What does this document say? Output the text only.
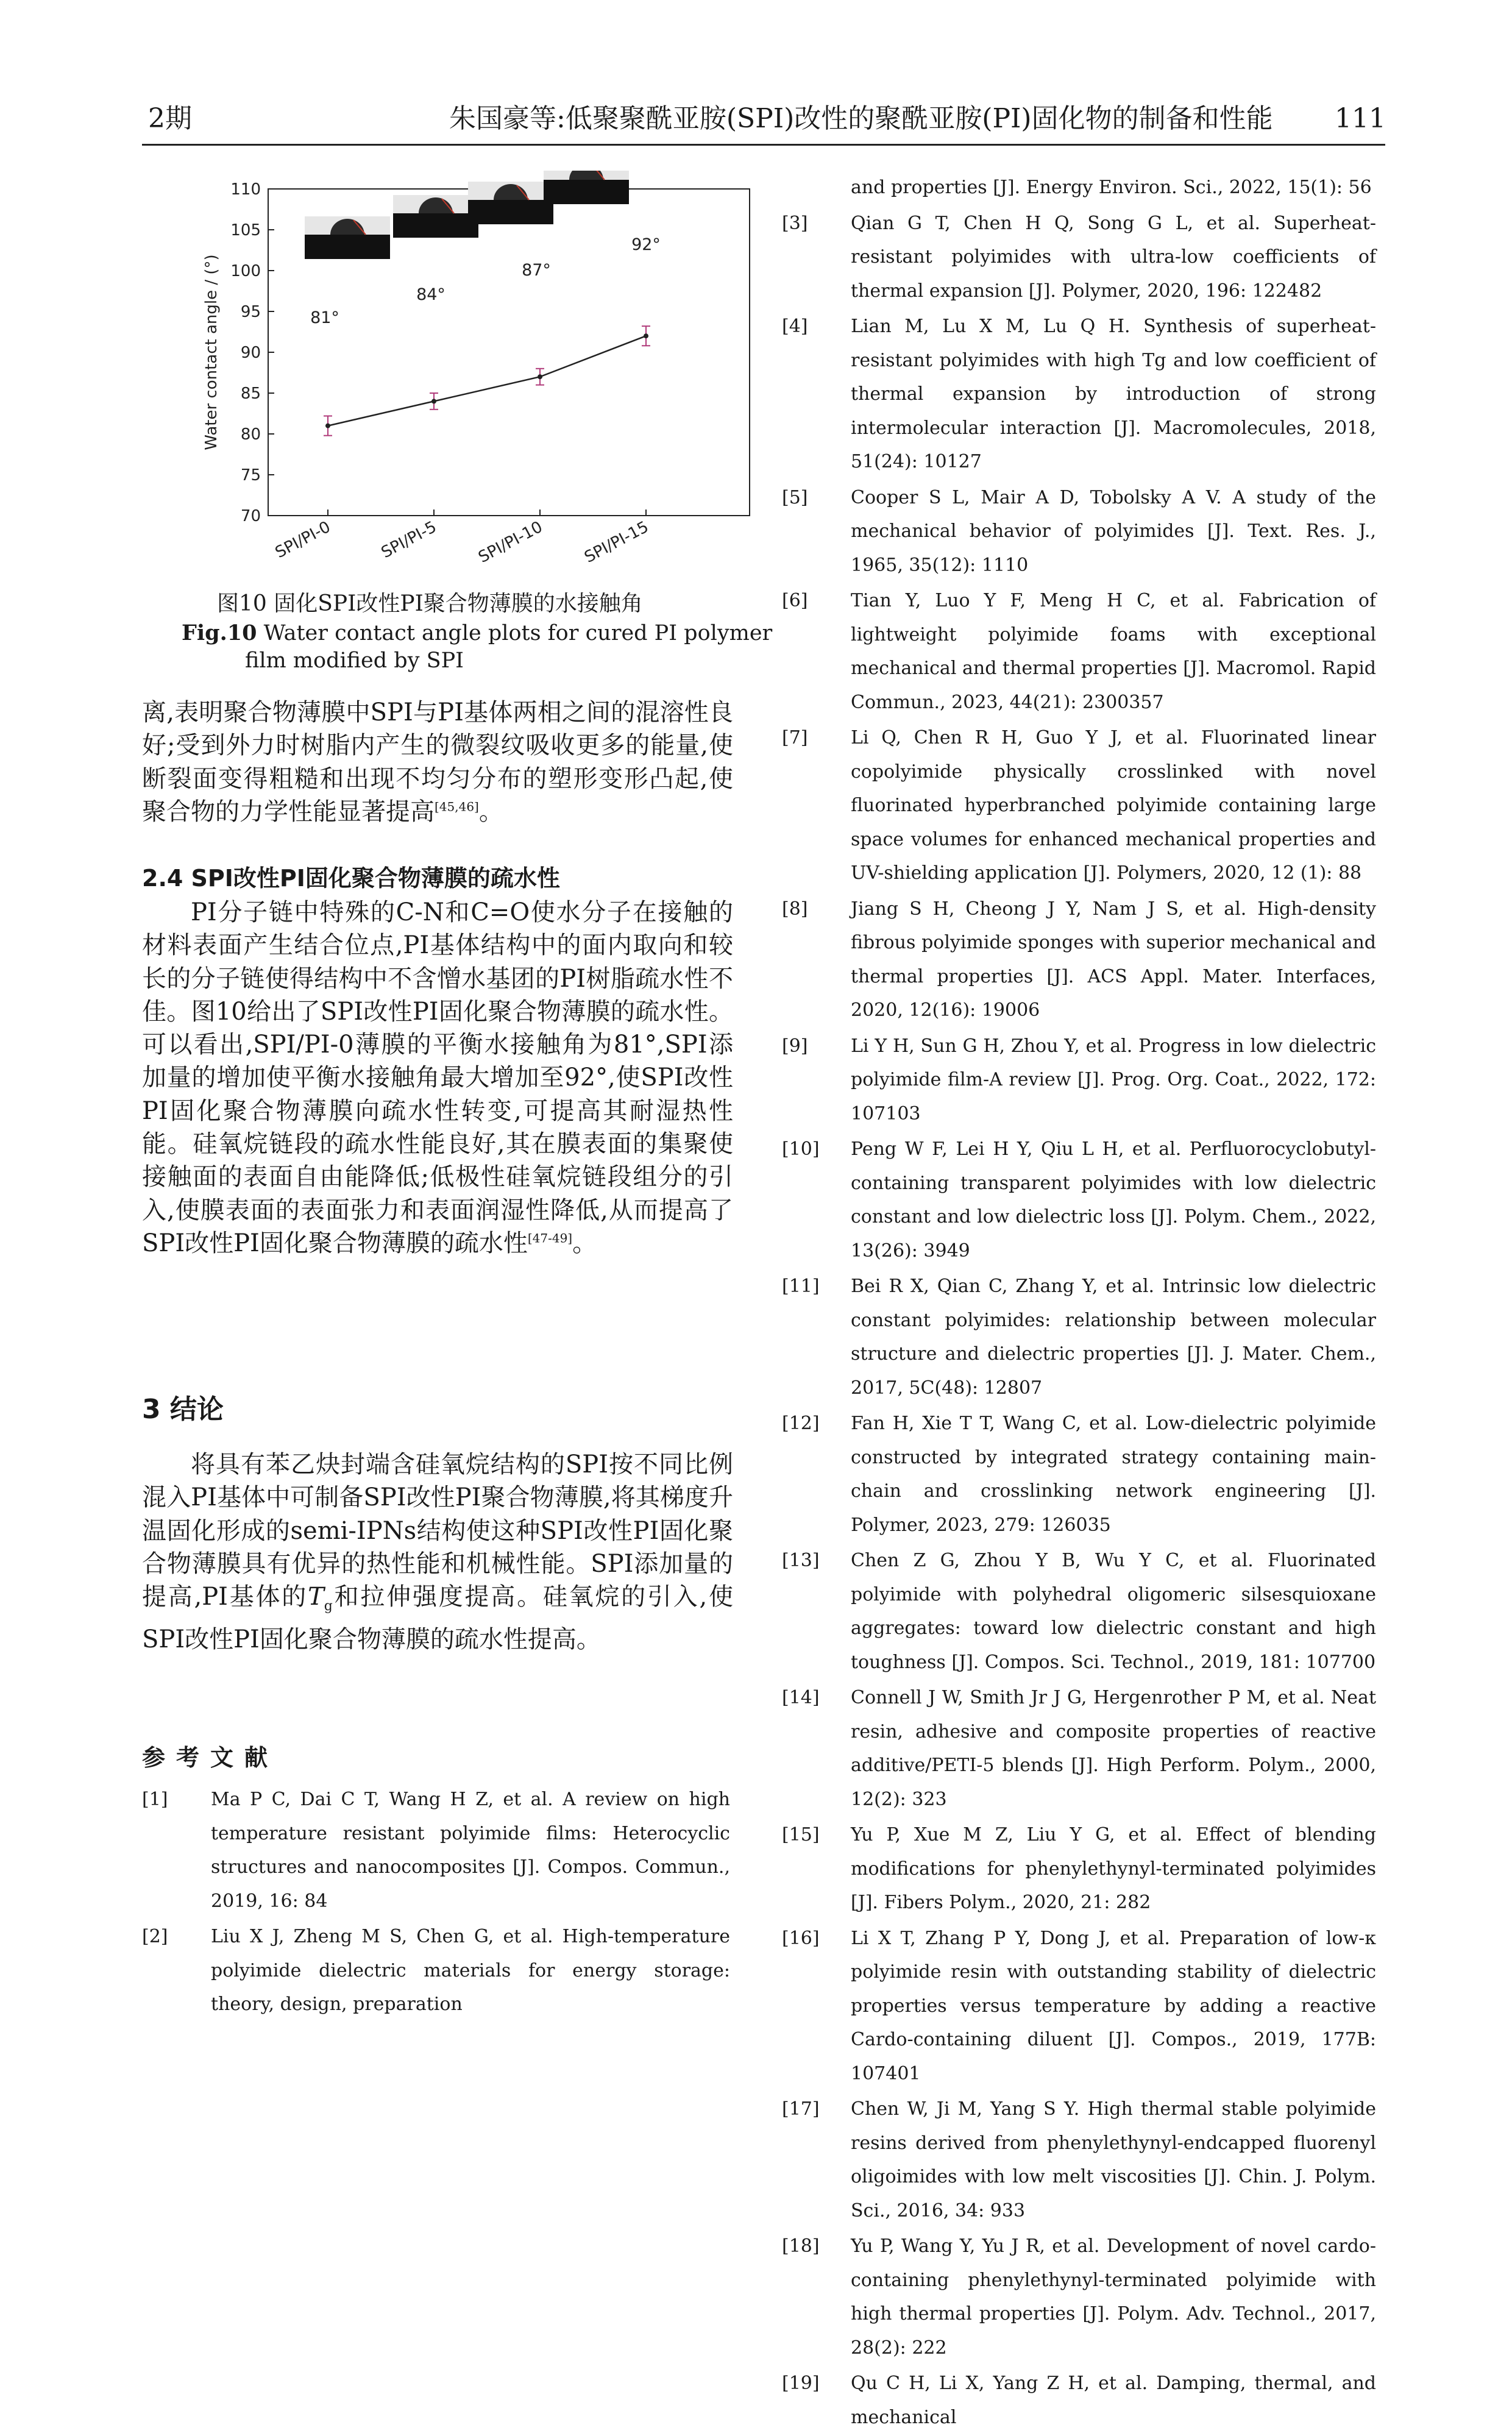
2期	朱国豪等:低聚聚酰亚胺(SPI)改性的聚酰亚胺(PI)固化物的制备和性能 111
Water contact angle / (°)
70
75
80
85
90
95
100
105
110
SPI/PI-0	SPI/PI-5 SPI/PI-10 SPI/PI-15
81°
84°
87°
92°
图10 固化SPI改性PI聚合物薄膜的水接触角
Fig.10 Water contact angle plots for cured PI polymer
film modified by SPI

离,表明聚合物薄膜中SPI与PI基体两相之间的混溶性良好;受到外力时树脂内产生的微裂纹吸收更多的能量,使断裂面变得粗糙和出现不均匀分布的塑形变形凸起,使聚合物的力学性能显著提高[45,46]。

2.4 SPI改性PI固化聚合物薄膜的疏水性

PI分子链中特殊的C-N和C=O使水分子在接触的材料表面产生结合位点,PI基体结构中的面内取向和较长的分子链使得结构中不含憎水基团的PI树脂疏水性不佳。图10给出了SPI改性PI固化聚合物薄膜的疏水性。可以看出,SPI/PI-0薄膜的平衡水接触角为81°,SPI添加量的增加使平衡水接触角最大增加至92°,使SPI改性PI固化聚合物薄膜向疏水性转变,可提高其耐湿热性能。硅氧烷链段的疏水性能良好,其在膜表面的集聚使接触面的表面自由能降低;低极性硅氧烷链段组分的引入,使膜表面的表面张力和表面润湿性降低,从而提高了SPI改性PI固化聚合物薄膜的疏水性[47-49]。

3 结论

将具有苯乙炔封端含硅氧烷结构的SPI按不同比例混入PI基体中可制备SPI改性PI聚合物薄膜,将其梯度升温固化形成的semi-IPNs结构使这种SPI改性PI固化聚合物薄膜具有优异的热性能和机械性能。SPI添加量的提高,PI基体的$T_g$和拉伸强度提高。硅氧烷的引入,使SPI改性PI固化聚合物薄膜的疏水性提高。

参考文献
[1] Ma P C, Dai C T, Wang H Z, et al. A review on high temperature resistant polyimide films: Heterocyclic structures and nanocomposites [J]. Compos. Commun., 2019, 16: 84
[2] Liu X J, Zheng M S, Chen G, et al. High-temperature polyimide dielectric materials for energy storage: theory, design, preparation
and properties [J]. Energy Environ. Sci., 2022, 15(1): 56
[3] Qian G T, Chen H Q, Song G L, et al. Superheat-resistant polyimides with ultra-low coefficients of thermal expansion [J]. Polymer, 2020, 196: 122482
[4] Lian M, Lu X M, Lu Q H. Synthesis of superheat-resistant polyimides with high Tg and low coefficient of thermal expansion by introduction of strong intermolecular interaction [J]. Macromolecules, 2018, 51(24): 10127
[5] Cooper S L, Mair A D, Tobolsky A V. A study of the mechanical behavior of polyimides [J]. Text. Res. J., 1965, 35(12): 1110
[6] Tian Y, Luo Y F, Meng H C, et al. Fabrication of lightweight polyimide foams with exceptional mechanical and thermal properties [J]. Macromol. Rapid Commun., 2023, 44(21): 2300357
[7] Li Q, Chen R H, Guo Y J, et al. Fluorinated linear copolyimide physically crosslinked with novel fluorinated hyperbranched polyimide containing large space volumes for enhanced mechanical properties and UV-shielding application [J]. Polymers, 2020, 12 (1): 88
[8] Jiang S H, Cheong J Y, Nam J S, et al. High-density fibrous polyimide sponges with superior mechanical and thermal properties [J]. ACS Appl. Mater. Interfaces, 2020, 12(16): 19006
[9] Li Y H, Sun G H, Zhou Y, et al. Progress in low dielectric polyimide film-A review [J]. Prog. Org. Coat., 2022, 172: 107103
[10] Peng W F, Lei H Y, Qiu L H, et al. Perfluorocyclobutyl-containing transparent polyimides with low dielectric constant and low dielectric loss [J]. Polym. Chem., 2022, 13(26): 3949
[11] Bei R X, Qian C, Zhang Y, et al. Intrinsic low dielectric constant polyimides: relationship between molecular structure and dielectric properties [J]. J. Mater. Chem., 2017, 5C(48): 12807
[12] Fan H, Xie T T, Wang C, et al. Low-dielectric polyimide constructed by integrated strategy containing main-chain and crosslinking network engineering [J]. Polymer, 2023, 279: 126035
[13] Chen Z G, Zhou Y B, Wu Y C, et al. Fluorinated polyimide with polyhedral oligomeric silsesquioxane aggregates: toward low dielectric constant and high toughness [J]. Compos. Sci. Technol., 2019, 181: 107700
[14] Connell J W, Smith Jr J G, Hergenrother P M, et al. Neat resin, adhesive and composite properties of reactive additive/PETI-5 blends [J]. High Perform. Polym., 2000, 12(2): 323
[15] Yu P, Xue M Z, Liu Y G, et al. Effect of blending modifications for phenylethynyl-terminated polyimides [J]. Fibers Polym., 2020, 21: 282
[16] Li X T, Zhang P Y, Dong J, et al. Preparation of low-κ polyimide resin with outstanding stability of dielectric properties versus temperature by adding a reactive Cardo-containing diluent [J]. Compos., 2019, 177B: 107401
[17] Chen W, Ji M, Yang S Y. High thermal stable polyimide resins derived from phenylethynyl-endcapped fluorenyl oligoimides with low melt viscosities [J]. Chin. J. Polym. Sci., 2016, 34: 933
[18] Yu P, Wang Y, Yu J R, et al. Development of novel cardo-containing phenylethynyl-terminated polyimide with high thermal properties [J]. Polym. Adv. Technol., 2017, 28(2): 222
[19] Qu C H, Li X, Yang Z H, et al. Damping, thermal, and mechanical
